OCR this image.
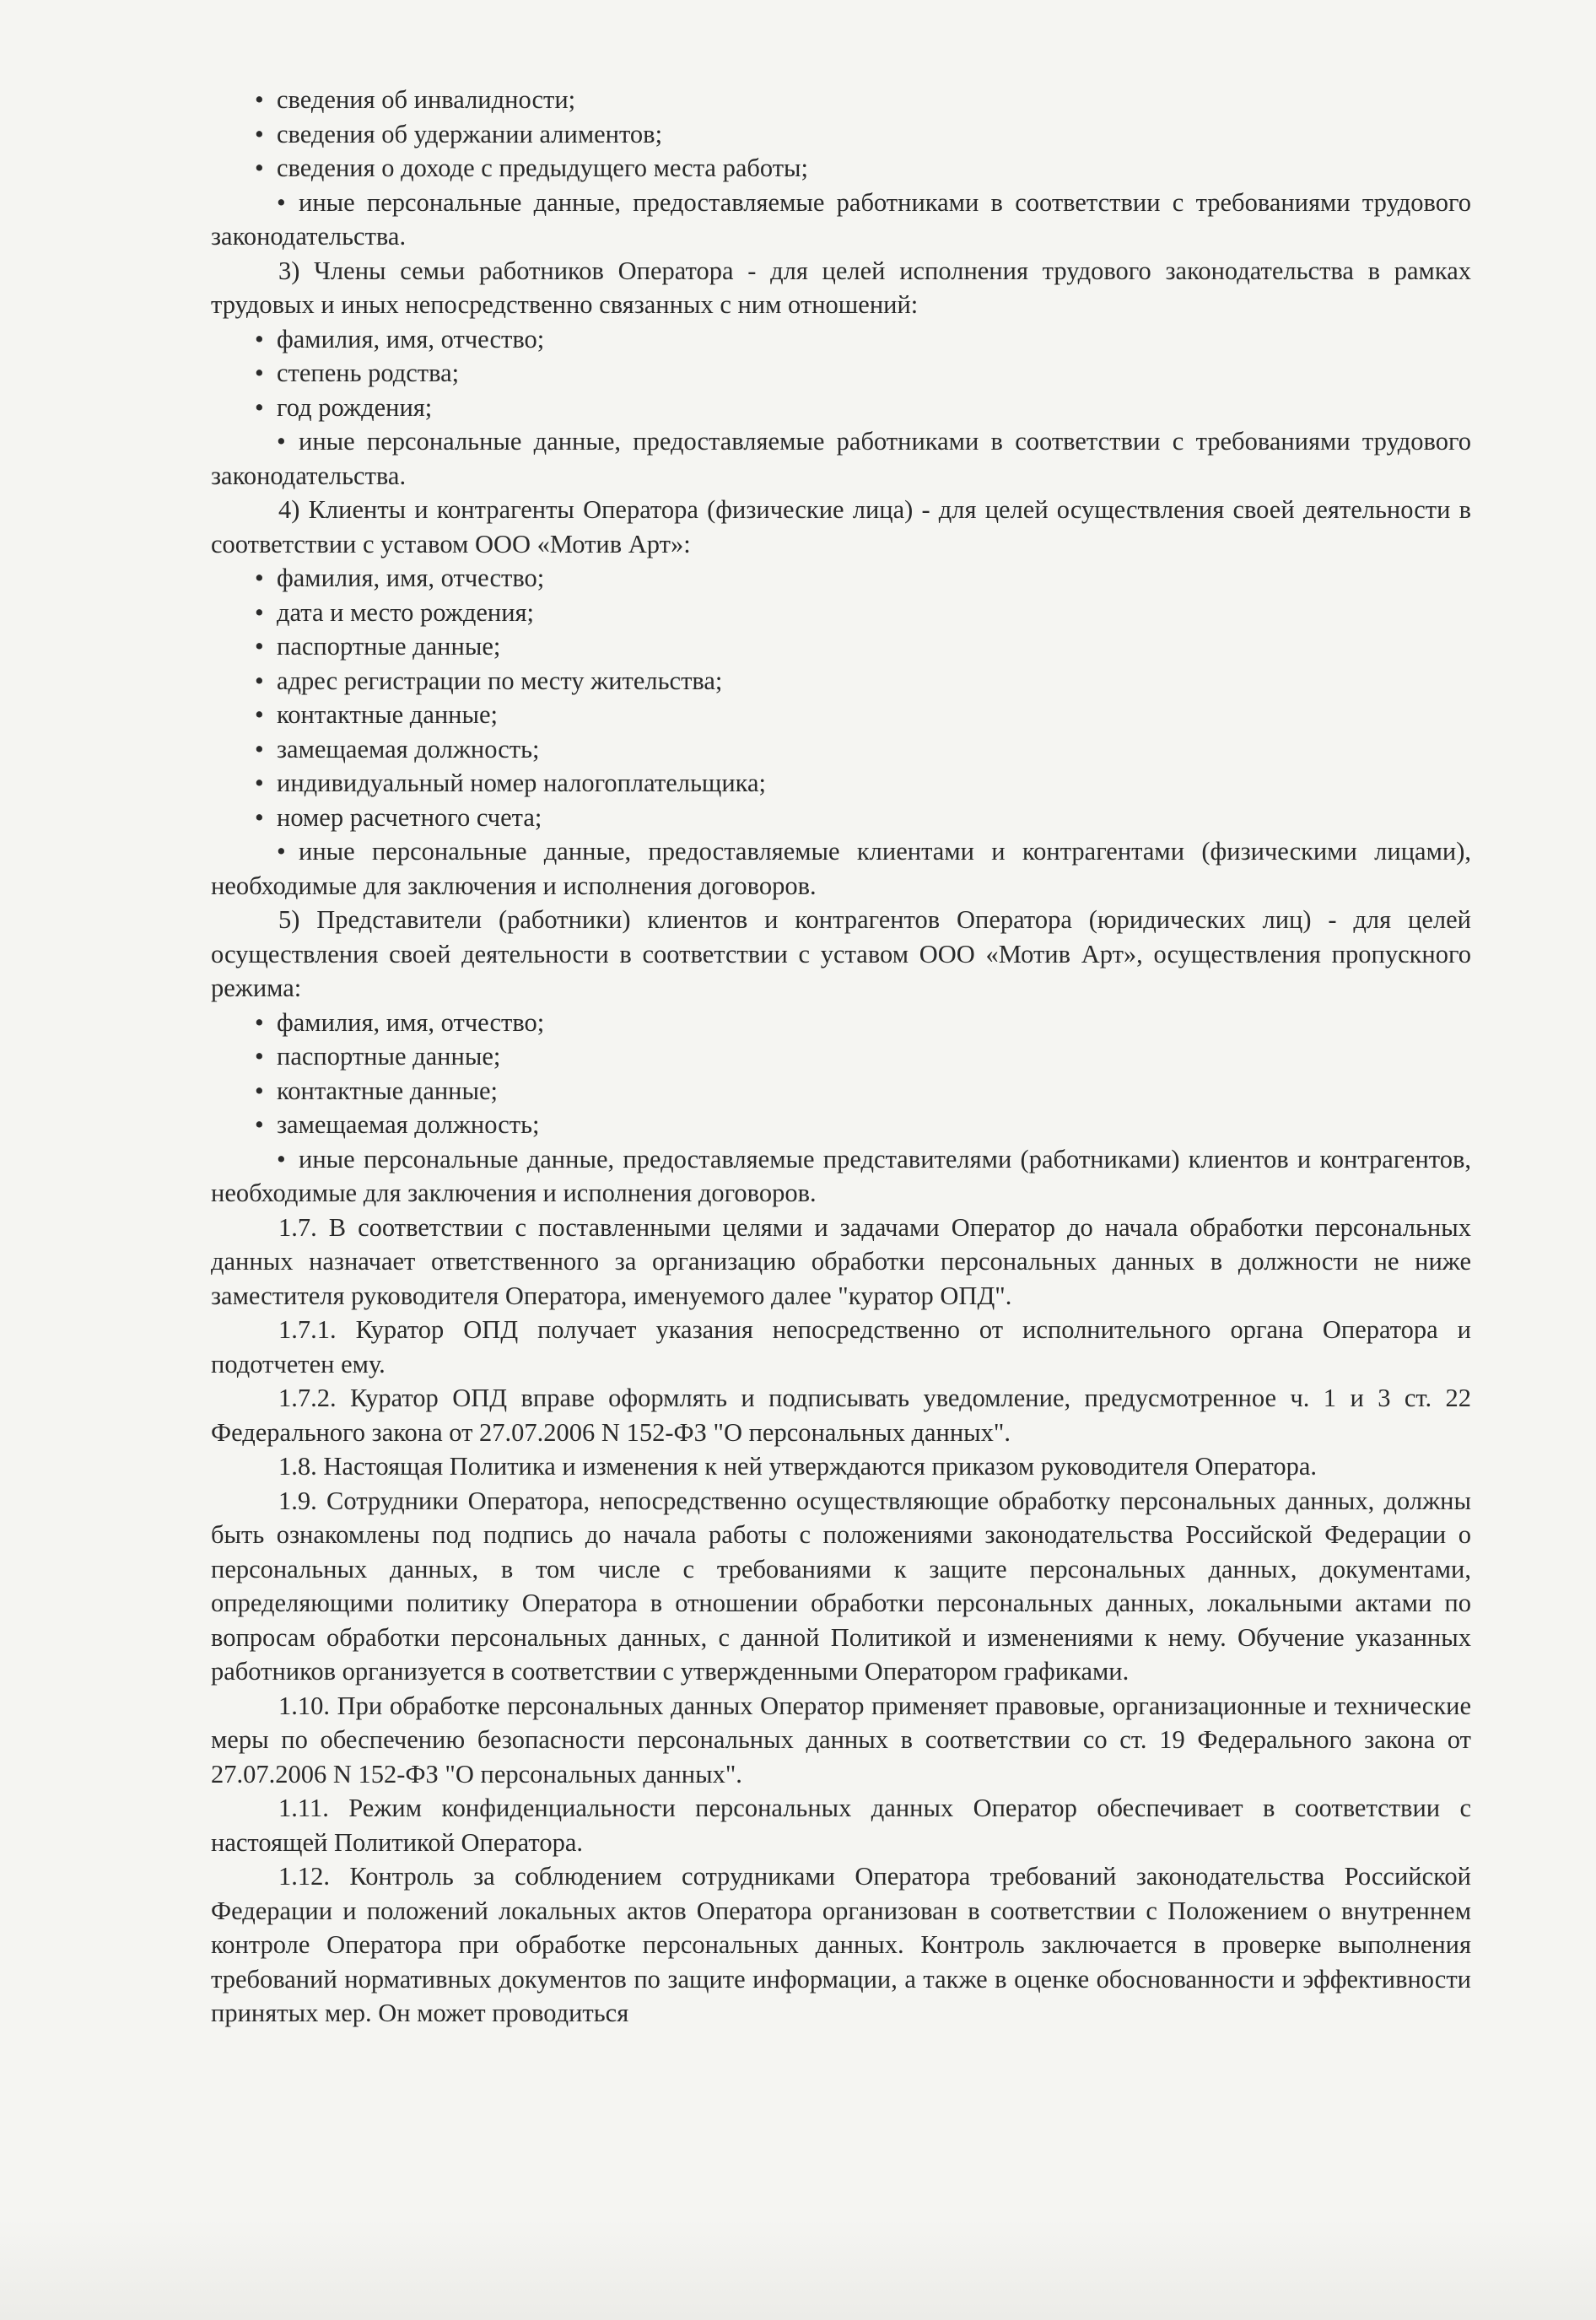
• сведения об инвалидности;

• сведения об удержании алиментов;

• сведения о доходе с предыдущего места работы;

• иные персональные данные, предоставляемые работниками в соответствии с требованиями трудового законодательства.

3) Члены семьи работников Оператора - для целей исполнения трудового законодательства в рамках трудовых и иных непосредственно связанных с ним отношений:

• фамилия, имя, отчество;

• степень родства;

• год рождения;

• иные персональные данные, предоставляемые работниками в соответствии с требованиями трудового законодательства.

4) Клиенты и контрагенты Оператора (физические лица) - для целей осуществления своей деятельности в соответствии с уставом ООО «Мотив Арт»:

• фамилия, имя, отчество;

• дата и место рождения;

• паспортные данные;

• адрес регистрации по месту жительства;

• контактные данные;

• замещаемая должность;

• индивидуальный номер налогоплательщика;

• номер расчетного счета;

• иные персональные данные, предоставляемые клиентами и контрагентами (физическими лицами), необходимые для заключения и исполнения договоров.

5) Представители (работники) клиентов и контрагентов Оператора (юридических лиц) - для целей осуществления своей деятельности в соответствии с уставом ООО «Мотив Арт», осуществления пропускного режима:

• фамилия, имя, отчество;

• паспортные данные;

• контактные данные;

• замещаемая должность;

• иные персональные данные, предоставляемые представителями (работниками) клиентов и контрагентов, необходимые для заключения и исполнения договоров.

1.7. В соответствии с поставленными целями и задачами Оператор до начала обработки персональных данных назначает ответственного за организацию обработки персональных данных в должности не ниже заместителя руководителя Оператора, именуемого далее "куратор ОПД".

1.7.1. Куратор ОПД получает указания непосредственно от исполнительного органа Оператора и подотчетен ему.

1.7.2. Куратор ОПД вправе оформлять и подписывать уведомление, предусмотренное ч. 1 и 3 ст. 22 Федерального закона от 27.07.2006 N 152-ФЗ "О персональных данных".

1.8. Настоящая Политика и изменения к ней утверждаются приказом руководителя Оператора.

1.9. Сотрудники Оператора, непосредственно осуществляющие обработку персональных данных, должны быть ознакомлены под подпись до начала работы с положениями законодательства Российской Федерации о персональных данных, в том числе с требованиями к защите персональных данных, документами, определяющими политику Оператора в отношении обработки персональных данных, локальными актами по вопросам обработки персональных данных, с данной Политикой и изменениями к нему. Обучение указанных работников организуется в соответствии с утвержденными Оператором графиками.

1.10. При обработке персональных данных Оператор применяет правовые, организационные и технические меры по обеспечению безопасности персональных данных в соответствии со ст. 19 Федерального закона от 27.07.2006 N 152-ФЗ "О персональных данных".

1.11. Режим конфиденциальности персональных данных Оператор обеспечивает в соответствии с настоящей Политикой Оператора.

1.12. Контроль за соблюдением сотрудниками Оператора требований законодательства Российской Федерации и положений локальных актов Оператора организован в соответствии с Положением о внутреннем контроле Оператора при обработке персональных данных. Контроль заключается в проверке выполнения требований нормативных документов по защите информации, а также в оценке обоснованности и эффективности принятых мер. Он может проводиться
